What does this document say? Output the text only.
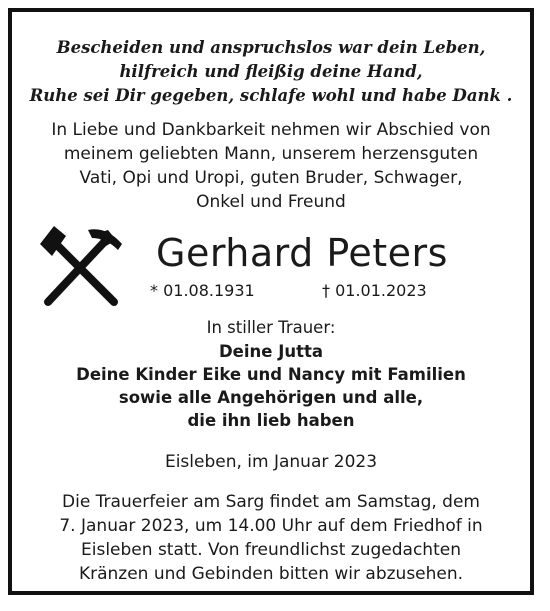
Bescheiden und anspruchslos war dein Leben,
hilfreich und fleißig deine Hand,
Ruhe sei Dir gegeben, schlafe wohl und habe Dank .
In Liebe und Dankbarkeit nehmen wir Abschied von
meinem geliebten Mann, unserem herzensguten
Vati, Opi und Uropi, guten Bruder, Schwager,
Onkel und Freund
Gerhard Peters
* 01.08.1931	† 01.01.2023
In stiller Trauer:
Deine Jutta
Deine Kinder Eike und Nancy mit Familien
sowie alle Angehörigen und alle,
die ihn lieb haben
Eisleben, im Januar 2023
Die Trauerfeier am Sarg findet am Samstag, dem
7. Januar 2023, um 14.00 Uhr auf dem Friedhof in
Eisleben statt. Von freundlichst zugedachten
Kränzen und Gebinden bitten wir abzusehen.
